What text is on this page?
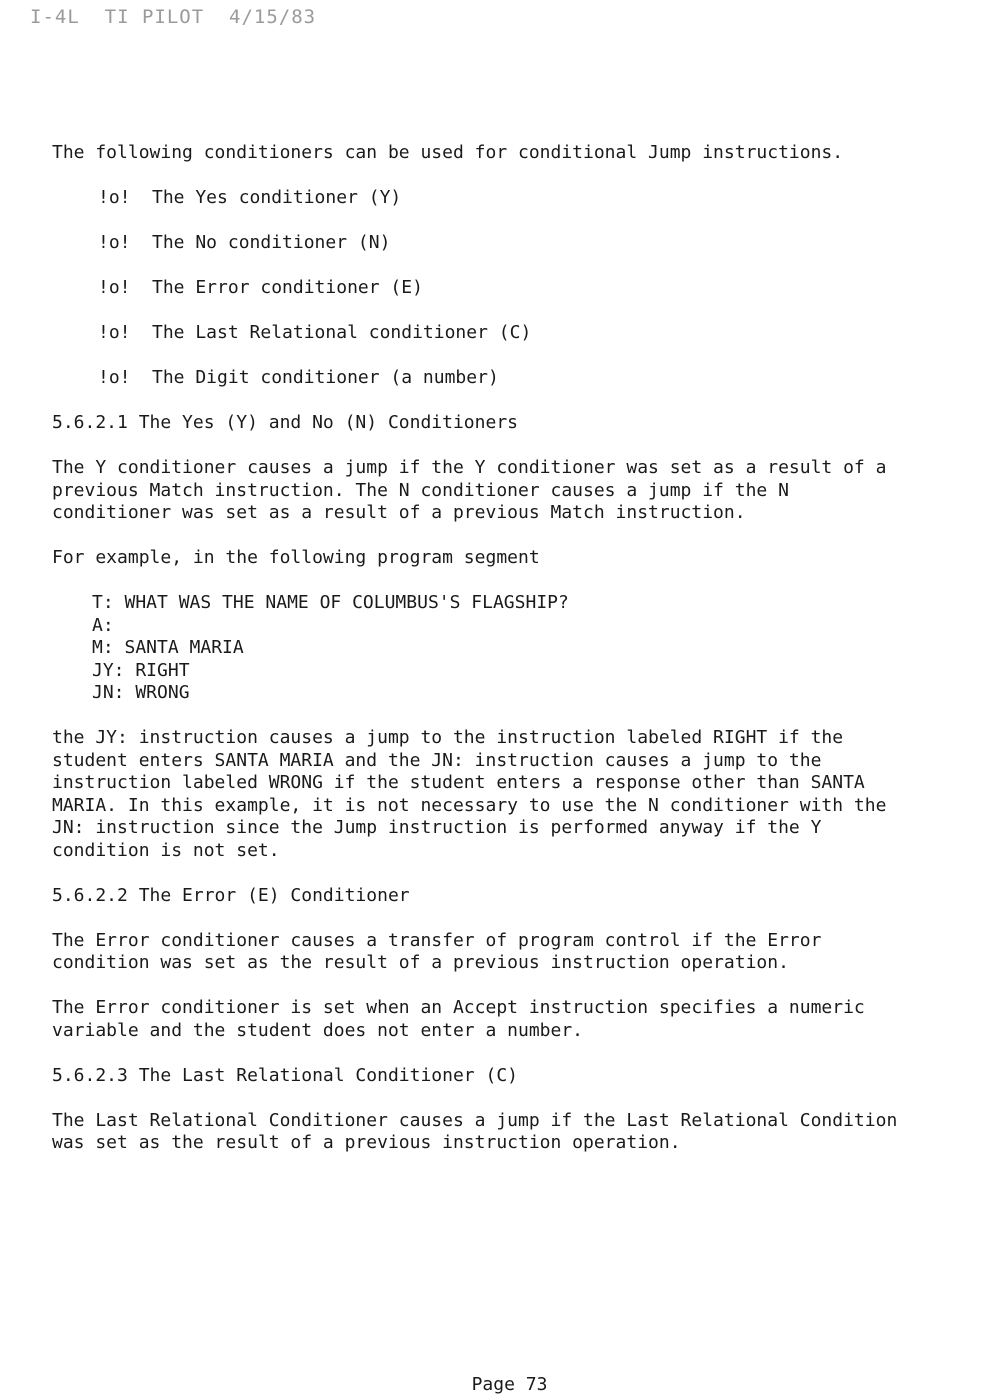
I-4L  TI PILOT  4/15/83

The following conditioners can be used for conditional Jump instructions.

!o! The Yes conditioner (Y)
!o! The No conditioner (N)
!o! The Error conditioner (E)
!o! The Last Relational conditioner (C)
!o! The Digit conditioner (a number)

5.6.2.1 The Yes (Y) and No (N) Conditioners

The Y conditioner causes a jump if the Y conditioner was set as a result of a

previous Match instruction. The N conditioner causes a jump if the N

conditioner was set as a result of a previous Match instruction.

For example, in the following program segment

T: WHAT WAS THE NAME OF COLUMBUS'S FLAGSHIP?

A:

M: SANTA MARIA

JY: RIGHT

JN: WRONG

the JY: instruction causes a jump to the instruction labeled RIGHT if the

student enters SANTA MARIA and the JN: instruction causes a jump to the

instruction labeled WRONG if the student enters a response other than SANTA

MARIA. In this example, it is not necessary to use the N conditioner with the

JN: instruction since the Jump instruction is performed anyway if the Y

condition is not set.

5.6.2.2 The Error (E) Conditioner

The Error conditioner causes a transfer of program control if the Error

condition was set as the result of a previous instruction operation.

The Error conditioner is set when an Accept instruction specifies a numeric

variable and the student does not enter a number.

5.6.2.3 The Last Relational Conditioner (C)

The Last Relational Conditioner causes a jump if the Last Relational Condition

was set as the result of a previous instruction operation.

Page 73
